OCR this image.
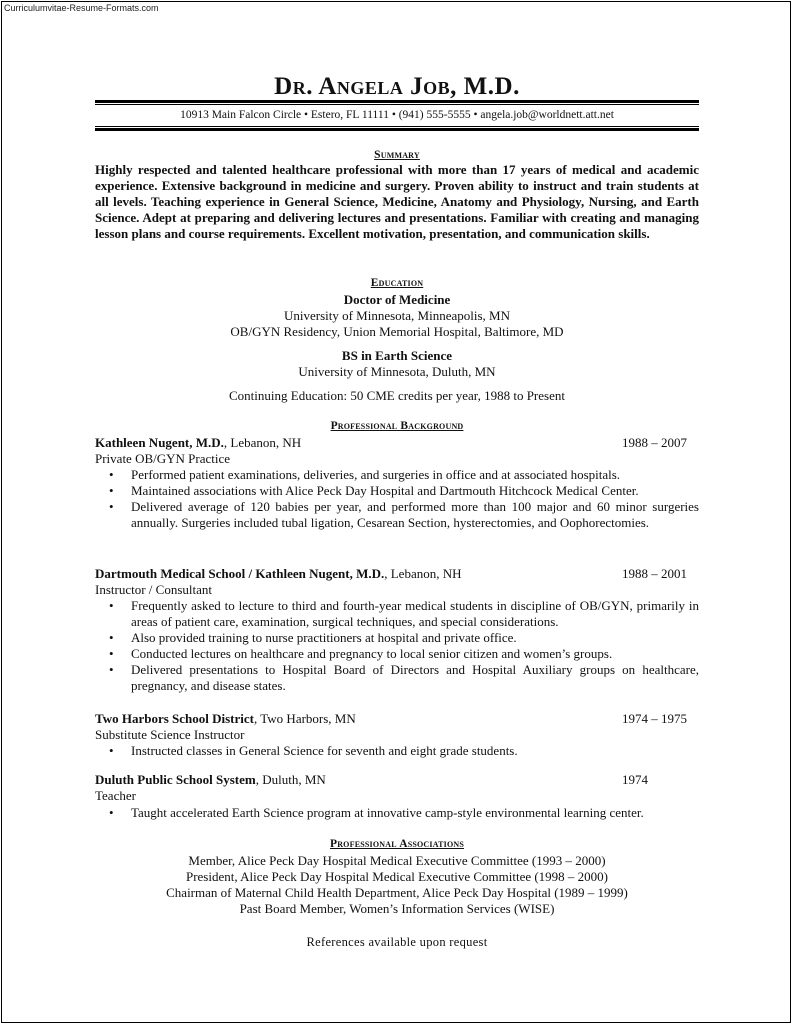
Curriculumvitae-Resume-Formats.com
Dr. Angela Job, M.D.
10913 Main Falcon Circle • Estero, FL 11111 • (941) 555-5555 • angela.job@worldnett.att.net
Summary
Highly respected and talented healthcare professional with more than 17 years of medical and academic experience. Extensive background in medicine and surgery. Proven ability to instruct and train students at all levels. Teaching experience in General Science, Medicine, Anatomy and Physiology, Nursing, and Earth Science. Adept at preparing and delivering lectures and presentations. Familiar with creating and managing lesson plans and course requirements. Excellent motivation, presentation, and communication skills.
Education
Doctor of Medicine
University of Minnesota, Minneapolis, MN
OB/GYN Residency, Union Memorial Hospital, Baltimore, MD
BS in Earth Science
University of Minnesota, Duluth, MN
Continuing Education: 50 CME credits per year, 1988 to Present
Professional Background
Kathleen Nugent, M.D., Lebanon, NH	1988 – 2007
Private OB/GYN Practice
• Performed patient examinations, deliveries, and surgeries in office and at associated hospitals.
• Maintained associations with Alice Peck Day Hospital and Dartmouth Hitchcock Medical Center.
• Delivered average of 120 babies per year, and performed more than 100 major and 60 minor surgeries annually. Surgeries included tubal ligation, Cesarean Section, hysterectomies, and Oophorectomies.
Dartmouth Medical School / Kathleen Nugent, M.D., Lebanon, NH	1988 – 2001
Instructor / Consultant
• Frequently asked to lecture to third and fourth-year medical students in discipline of OB/GYN, primarily in areas of patient care, examination, surgical techniques, and special considerations.
• Also provided training to nurse practitioners at hospital and private office.
• Conducted lectures on healthcare and pregnancy to local senior citizen and women’s groups.
• Delivered presentations to Hospital Board of Directors and Hospital Auxiliary groups on healthcare, pregnancy, and disease states.
Two Harbors School District, Two Harbors, MN	1974 – 1975
Substitute Science Instructor
• Instructed classes in General Science for seventh and eight grade students.
Duluth Public School System, Duluth, MN	1974
Teacher
• Taught accelerated Earth Science program at innovative camp-style environmental learning center.
Professional Associations
Member, Alice Peck Day Hospital Medical Executive Committee (1993 – 2000)
President, Alice Peck Day Hospital Medical Executive Committee (1998 – 2000)
Chairman of Maternal Child Health Department, Alice Peck Day Hospital (1989 – 1999)
Past Board Member, Women’s Information Services (WISE)
References available upon request
